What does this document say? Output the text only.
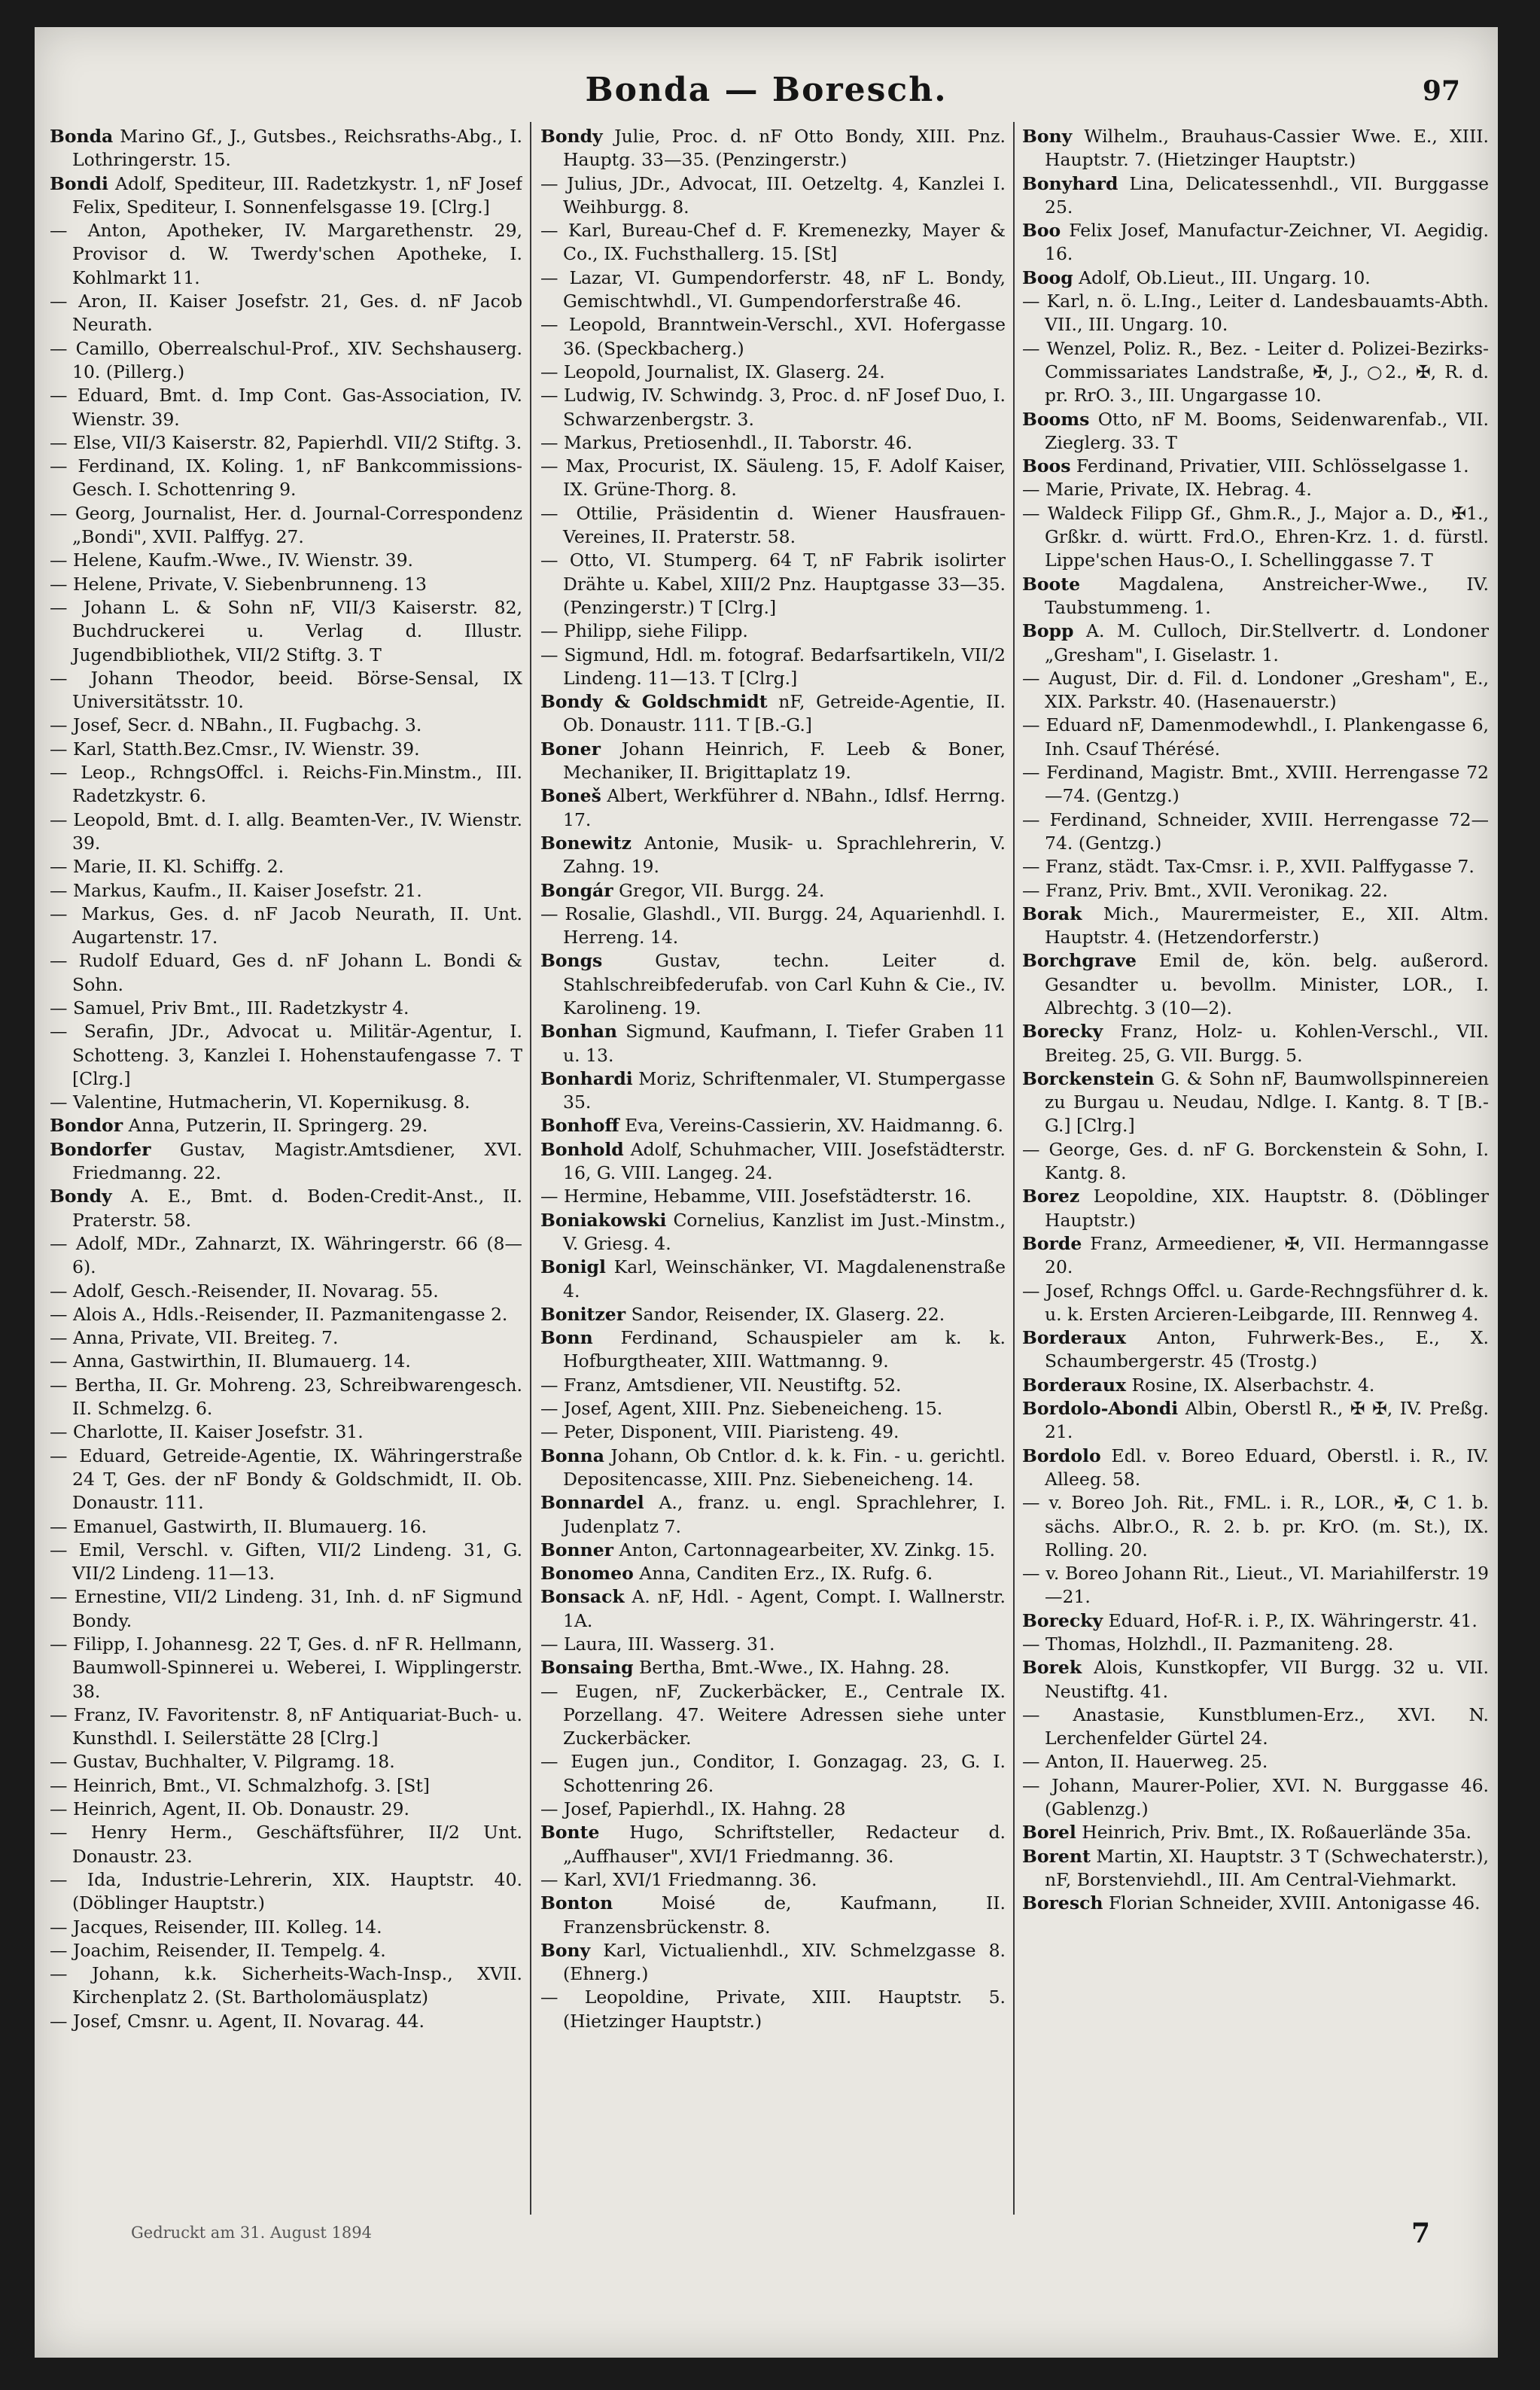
Bonda — Boresch.	97

Bonda Marino Gf., J., Gutsbes., Reichsraths-Abg., I. Lothringerstr. 15.

Bondi Adolf, Spediteur, III. Radetzkystr. 1, nF Josef Felix, Spediteur, I. Sonnenfelsgasse 19. [Clrg.]

— Anton, Apotheker, IV. Margarethenstr. 29, Provisor d. W. Twerdy'schen Apotheke, I. Kohlmarkt 11.

— Aron, II. Kaiser Josefstr. 21, Ges. d. nF Jacob Neurath.

— Camillo, Oberrealschul-Prof., XIV. Sechshauserg. 10. (Pillerg.)

— Eduard, Bmt. d. Imp Cont. Gas-Association, IV. Wienstr. 39.

— Else, VII/3 Kaiserstr. 82, Papierhdl. VII/2 Stiftg. 3.

— Ferdinand, IX. Koling. 1, nF Bankcommissions-Gesch. I. Schottenring 9.

— Georg, Journalist, Her. d. Journal-Correspondenz „Bondi", XVII. Palffyg. 27.

— Helene, Kaufm.-Wwe., IV. Wienstr. 39.

— Helene, Private, V. Siebenbrunneng. 13

— Johann L. & Sohn nF, VII/3 Kaiserstr. 82, Buchdruckerei u. Verlag d. Illustr. Jugendbibliothek, VII/2 Stiftg. 3. T

— Johann Theodor, beeid. Börse-Sensal, IX Universitätsstr. 10.

— Josef, Secr. d. NBahn., II. Fugbachg. 3.

— Karl, Statth.Bez.Cmsr., IV. Wienstr. 39.

— Leop., RchngsOffcl. i. Reichs-Fin.Minstm., III. Radetzkystr. 6.

— Leopold, Bmt. d. I. allg. Beamten-Ver., IV. Wienstr. 39.

— Marie, II. Kl. Schiffg. 2.

— Markus, Kaufm., II. Kaiser Josefstr. 21.

— Markus, Ges. d. nF Jacob Neurath, II. Unt. Augartenstr. 17.

— Rudolf Eduard, Ges d. nF Johann L. Bondi & Sohn.

— Samuel, Priv Bmt., III. Radetzkystr 4.

— Serafin, JDr., Advocat u. Militär-Agentur, I. Schotteng. 3, Kanzlei I. Hohenstaufengasse 7. T [Clrg.]

— Valentine, Hutmacherin, VI. Kopernikusg. 8.

Bondor Anna, Putzerin, II. Springerg. 29.

Bondorfer Gustav, Magistr.Amtsdiener, XVI. Friedmanng. 22.

Bondy A. E., Bmt. d. Boden-Credit-Anst., II. Praterstr. 58.

— Adolf, MDr., Zahnarzt, IX. Währingerstr. 66 (8—6).

— Adolf, Gesch.-Reisender, II. Novarag. 55.

— Alois A., Hdls.-Reisender, II. Pazmanitengasse 2.

— Anna, Private, VII. Breiteg. 7.

— Anna, Gastwirthin, II. Blumauerg. 14.

— Bertha, II. Gr. Mohreng. 23, Schreibwarengesch. II. Schmelzg. 6.

— Charlotte, II. Kaiser Josefstr. 31.

— Eduard, Getreide-Agentie, IX. Währingerstraße 24 T, Ges. der nF Bondy & Goldschmidt, II. Ob. Donaustr. 111.

— Emanuel, Gastwirth, II. Blumauerg. 16.

— Emil, Verschl. v. Giften, VII/2 Lindeng. 31, G. VII/2 Lindeng. 11—13.

— Ernestine, VII/2 Lindeng. 31, Inh. d. nF Sigmund Bondy.

— Filipp, I. Johannesg. 22 T, Ges. d. nF R. Hellmann, Baumwoll-Spinnerei u. Weberei, I. Wipplingerstr. 38.

— Franz, IV. Favoritenstr. 8, nF Antiquariat-Buch- u. Kunsthdl. I. Seilerstätte 28 [Clrg.]

— Gustav, Buchhalter, V. Pilgramg. 18.

— Heinrich, Bmt., VI. Schmalzhofg. 3. [St]

— Heinrich, Agent, II. Ob. Donaustr. 29.

— Henry Herm., Geschäftsführer, II/2 Unt. Donaustr. 23.

— Ida, Industrie-Lehrerin, XIX. Hauptstr. 40. (Döblinger Hauptstr.)

— Jacques, Reisender, III. Kolleg. 14.

— Joachim, Reisender, II. Tempelg. 4.

— Johann, k.k. Sicherheits-Wach-Insp., XVII. Kirchenplatz 2. (St. Bartholomäusplatz)

— Josef, Cmsnr. u. Agent, II. Novarag. 44.

Bondy Julie, Proc. d. nF Otto Bondy, XIII. Pnz. Hauptg. 33—35. (Penzingerstr.)

— Julius, JDr., Advocat, III. Oetzeltg. 4, Kanzlei I. Weihburgg. 8.

— Karl, Bureau-Chef d. F. Kremenezky, Mayer & Co., IX. Fuchsthallerg. 15. [St]

— Lazar, VI. Gumpendorferstr. 48, nF L. Bondy, Gemischtwhdl., VI. Gumpendorferstraße 46.

— Leopold, Branntwein-Verschl., XVI. Hofergasse 36. (Speckbacherg.)

— Leopold, Journalist, IX. Glaserg. 24.

— Ludwig, IV. Schwindg. 3, Proc. d. nF Josef Duo, I. Schwarzenbergstr. 3.

— Markus, Pretiosenhdl., II. Taborstr. 46.

— Max, Procurist, IX. Säuleng. 15, F. Adolf Kaiser, IX. Grüne-Thorg. 8.

— Ottilie, Präsidentin d. Wiener Hausfrauen-Vereines, II. Praterstr. 58.

— Otto, VI. Stumperg. 64 T, nF Fabrik isolirter Drähte u. Kabel, XIII/2 Pnz. Hauptgasse 33—35. (Penzingerstr.) T [Clrg.]

— Philipp, siehe Filipp.

— Sigmund, Hdl. m. fotograf. Bedarfsartikeln, VII/2 Lindeng. 11—13. T [Clrg.]

Bondy & Goldschmidt nF, Getreide-Agentie, II. Ob. Donaustr. 111. T [B.-G.]

Boner Johann Heinrich, F. Leeb & Boner, Mechaniker, II. Brigittaplatz 19.

Boneš Albert, Werkführer d. NBahn., Idlsf. Herrng. 17.

Bonewitz Antonie, Musik- u. Sprachlehrerin, V. Zahng. 19.

Bongár Gregor, VII. Burgg. 24.

— Rosalie, Glashdl., VII. Burgg. 24, Aquarienhdl. I. Herreng. 14.

Bongs Gustav, techn. Leiter d. Stahlschreibfederufab. von Carl Kuhn & Cie., IV. Karolineng. 19.

Bonhan Sigmund, Kaufmann, I. Tiefer Graben 11 u. 13.

Bonhardi Moriz, Schriftenmaler, VI. Stumpergasse 35.

Bonhoff Eva, Vereins-Cassierin, XV. Haidmanng. 6.

Bonhold Adolf, Schuhmacher, VIII. Josefstädterstr. 16, G. VIII. Langeg. 24.

— Hermine, Hebamme, VIII. Josefstädterstr. 16.

Boniakowski Cornelius, Kanzlist im Just.-Minstm., V. Griesg. 4.

Bonigl Karl, Weinschänker, VI. Magdalenenstraße 4.

Bonitzer Sandor, Reisender, IX. Glaserg. 22.

Bonn Ferdinand, Schauspieler am k. k. Hofburgtheater, XIII. Wattmanng. 9.

— Franz, Amtsdiener, VII. Neustiftg. 52.

— Josef, Agent, XIII. Pnz. Siebeneicheng. 15.

— Peter, Disponent, VIII. Piaristeng. 49.

Bonna Johann, Ob Cntlor. d. k. k. Fin. - u. gerichtl. Depositencasse, XIII. Pnz. Siebeneicheng. 14.

Bonnardel A., franz. u. engl. Sprachlehrer, I. Judenplatz 7.

Bonner Anton, Cartonnagearbeiter, XV. Zinkg. 15.

Bonomeo Anna, Canditen Erz., IX. Rufg. 6.

Bonsack A. nF, Hdl. - Agent, Compt. I. Wallnerstr. 1A.

— Laura, III. Wasserg. 31.

Bonsaing Bertha, Bmt.-Wwe., IX. Hahng. 28.

— Eugen, nF, Zuckerbäcker, E., Centrale IX. Porzellang. 47. Weitere Adressen siehe unter Zuckerbäcker.

— Eugen jun., Conditor, I. Gonzagag. 23, G. I. Schottenring 26.

— Josef, Papierhdl., IX. Hahng. 28

Bonte Hugo, Schriftsteller, Redacteur d. „Auffhauser", XVI/1 Friedmanng. 36.

— Karl, XVI/1 Friedmanng. 36.

Bonton Moisé de, Kaufmann, II. Franzensbrückenstr. 8.

Bony Karl, Victualienhdl., XIV. Schmelzgasse 8. (Ehnerg.)

— Leopoldine, Private, XIII. Hauptstr. 5. (Hietzinger Hauptstr.)

Bony Wilhelm., Brauhaus-Cassier Wwe. E., XIII. Hauptstr. 7. (Hietzinger Hauptstr.)

Bonyhard Lina, Delicatessenhdl., VII. Burggasse 25.

Boo Felix Josef, Manufactur-Zeichner, VI. Aegidig. 16.

Boog Adolf, Ob.Lieut., III. Ungarg. 10.

— Karl, n. ö. L.Ing., Leiter d. Landesbauamts-Abth. VII., III. Ungarg. 10.

— Wenzel, Poliz. R., Bez. - Leiter d. Polizei-Bezirks-Commissariates Landstraße, ✠, J., ○2., ✠, R. d. pr. RrO. 3., III. Ungargasse 10.

Booms Otto, nF M. Booms, Seidenwarenfab., VII. Zieglerg. 33. T

Boos Ferdinand, Privatier, VIII. Schlösselgasse 1.

— Marie, Private, IX. Hebrag. 4.

— Waldeck Filipp Gf., Ghm.R., J., Major a. D., ✠1., Grßkr. d. württ. Frd.O., Ehren-Krz. 1. d. fürstl. Lippe'schen Haus-O., I. Schellinggasse 7. T

Boote Magdalena, Anstreicher-Wwe., IV. Taubstummeng. 1.

Bopp A. M. Culloch, Dir.Stellvertr. d. Londoner „Gresham", I. Giselastr. 1.

— August, Dir. d. Fil. d. Londoner „Gresham", E., XIX. Parkstr. 40. (Hasenauerstr.)

— Eduard nF, Damenmodewhdl., I. Plankengasse 6, Inh. Csauf Thérésé.

— Ferdinand, Magistr. Bmt., XVIII. Herrengasse 72—74. (Gentzg.)

— Ferdinand, Schneider, XVIII. Herrengasse 72—74. (Gentzg.)

— Franz, städt. Tax-Cmsr. i. P., XVII. Palffygasse 7.

— Franz, Priv. Bmt., XVII. Veronikag. 22.

Borak Mich., Maurermeister, E., XII. Altm. Hauptstr. 4. (Hetzendorferstr.)

Borchgrave Emil de, kön. belg. außerord. Gesandter u. bevollm. Minister, LOR., I. Albrechtg. 3 (10—2).

Borecky Franz, Holz- u. Kohlen-Verschl., VII. Breiteg. 25, G. VII. Burgg. 5.

Borckenstein G. & Sohn nF, Baumwollspinnereien zu Burgau u. Neudau, Ndlge. I. Kantg. 8. T [B.-G.] [Clrg.]

— George, Ges. d. nF G. Borckenstein & Sohn, I. Kantg. 8.

Borez Leopoldine, XIX. Hauptstr. 8. (Döblinger Hauptstr.)

Borde Franz, Armeediener, ✠, VII. Hermanngasse 20.

— Josef, Rchngs Offcl. u. Garde-Rechngsführer d. k. u. k. Ersten Arcieren-Leibgarde, III. Rennweg 4.

Borderaux Anton, Fuhrwerk-Bes., E., X. Schaumbergerstr. 45 (Trostg.)

Borderaux Rosine, IX. Alserbachstr. 4.

Bordolo-Abondi Albin, Oberstl R., ✠ ✠, IV. Preßg. 21.

Bordolo Edl. v. Boreo Eduard, Oberstl. i. R., IV. Alleeg. 58.

— v. Boreo Joh. Rit., FML. i. R., LOR., ✠, C 1. b. sächs. Albr.O., R. 2. b. pr. KrO. (m. St.), IX. Rolling. 20.

— v. Boreo Johann Rit., Lieut., VI. Mariahilferstr. 19—21.

Borecky Eduard, Hof-R. i. P., IX. Währingerstr. 41.

— Thomas, Holzhdl., II. Pazmaniteng. 28.

Borek Alois, Kunstkopfer, VII Burgg. 32 u. VII. Neustiftg. 41.

— Anastasie, Kunstblumen-Erz., XVI. N. Lerchenfelder Gürtel 24.

— Anton, II. Hauerweg. 25.

— Johann, Maurer-Polier, XVI. N. Burggasse 46. (Gablenzg.)

Borel Heinrich, Priv. Bmt., IX. Roßauerlände 35a.

Borent Martin, XI. Hauptstr. 3 T (Schwechaterstr.), nF, Borstenviehdl., III. Am Central-Viehmarkt.

Boresch Florian Schneider, XVIII. Antonigasse 46.

Gedruckt am 31. August 1894	7
